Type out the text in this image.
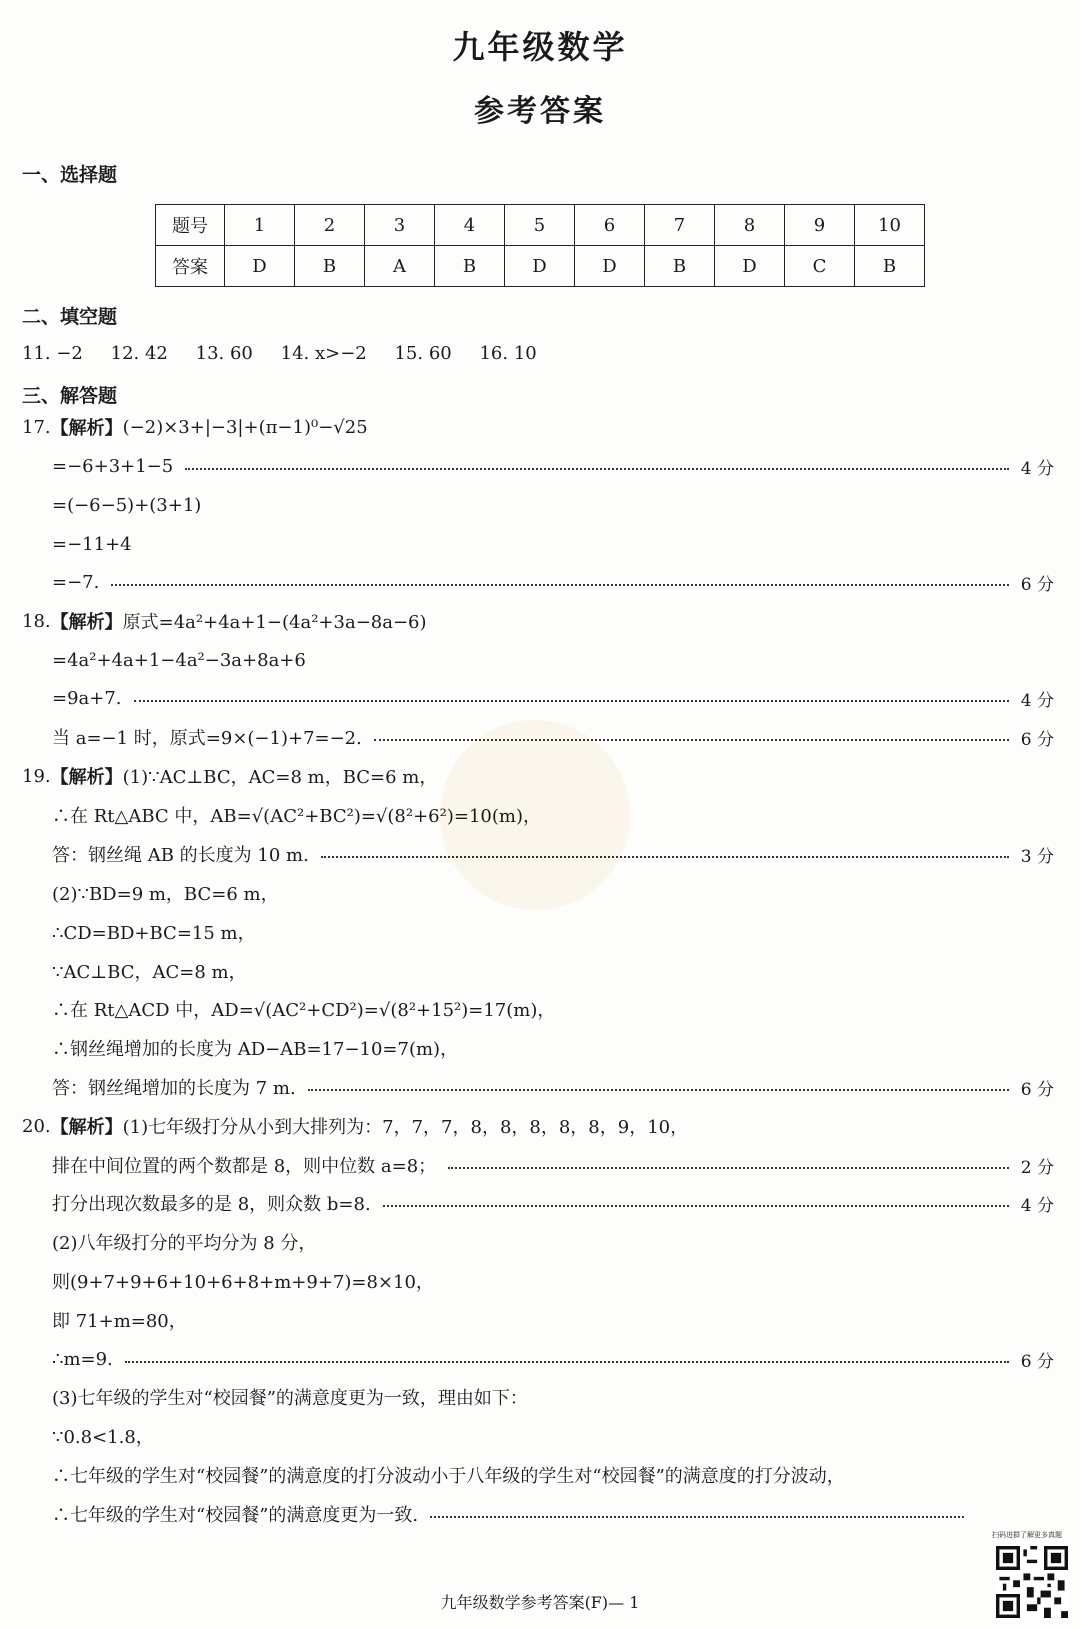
九年级数学
参考答案
一、选择题
题号	1	2	3	4	5	6	7	8	9	10
答案	D	B	A	B	D	D	B	D	C	B
二、填空题
11. −2 12. 42 13. 60 14. x>−2 15. 60 16. 10
三、解答题
17. 【解析】 (−2)×3+|−3|+(π−1)⁰−√25
=−6+3+1−5	4 分
=(−6−5)+(3+1)
=−11+4
=−7.	6 分
18. 【解析】 原式=4a²+4a+1−(4a²+3a−8a−6)
=4a²+4a+1−4a²−3a+8a+6
=9a+7.	4 分
当 a=−1 时，原式=9×(−1)+7=−2.	6 分
19. 【解析】 (1)∵AC⊥BC，AC=8 m，BC=6 m，
∴在 Rt△ABC 中，AB=√(AC²+BC²)=√(8²+6²)=10(m)，
答：钢丝绳 AB 的长度为 10 m.	3 分
(2)∵BD=9 m，BC=6 m，
∴CD=BD+BC=15 m，
∵AC⊥BC，AC=8 m，
∴在 Rt△ACD 中，AD=√(AC²+CD²)=√(8²+15²)=17(m)，
∴钢丝绳增加的长度为 AD−AB=17−10=7(m)，
答：钢丝绳增加的长度为 7 m.	6 分
20. 【解析】 (1)七年级打分从小到大排列为：7，7，7，8，8，8，8，8，9，10，
排在中间位置的两个数都是 8，则中位数 a=8；	2 分
打分出现次数最多的是 8，则众数 b=8.	4 分
(2)八年级打分的平均分为 8 分，
则(9+7+9+6+10+6+8+m+9+7)=8×10，
即 71+m=80，
∴m=9.	6 分
(3)七年级的学生对“校园餐”的满意度更为一致，理由如下：
∵0.8<1.8，
∴七年级的学生对“校园餐”的满意度的打分波动小于八年级的学生对“校园餐”的满意度的打分波动，
∴七年级的学生对“校园餐”的满意度更为一致.
扫码进群了解更多真题
九年级数学参考答案(F)— 1
